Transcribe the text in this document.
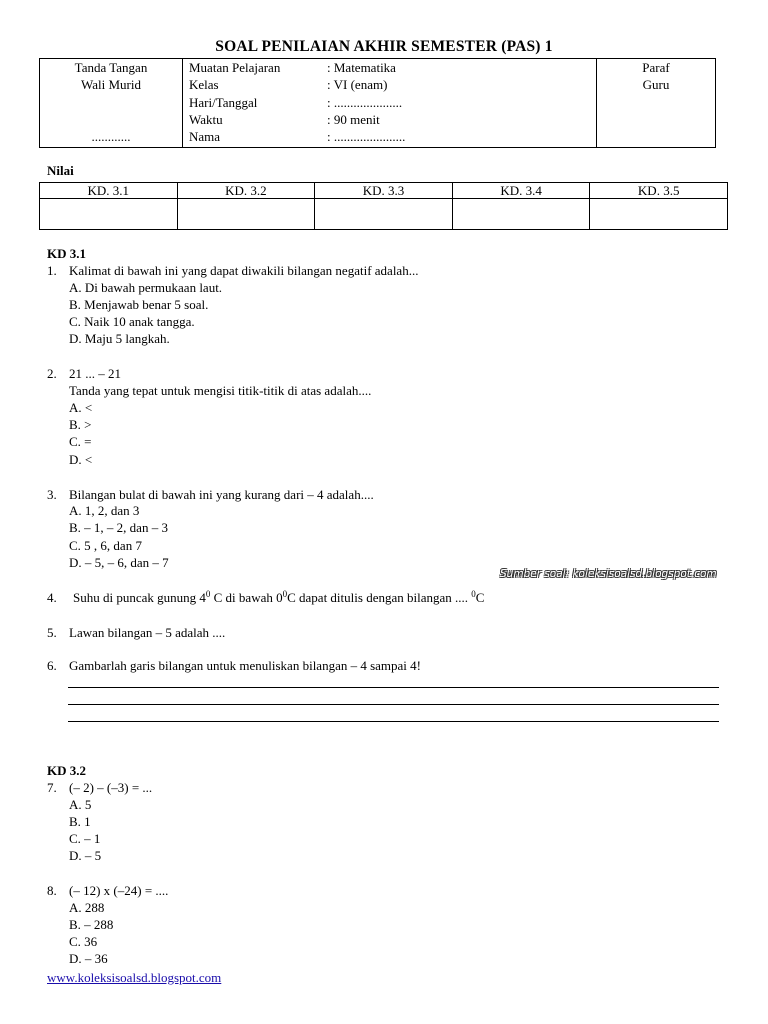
SOAL PENILAIAN AKHIR SEMESTER (PAS) 1
Tanda Tangan
Wali Murid
............
Muatan Pelajaran	: Matematika
Kelas	: VI (enam)
Hari/Tanggal	: .....................
Waktu	: 90 menit
Nama	: ......................
Paraf
Guru
Nilai
KD. 3.1	KD. 3.2	KD. 3.3	KD. 3.4	KD. 3.5

KD 3.1
1. Kalimat di bawah ini yang dapat diwakili bilangan negatif adalah...
A. Di bawah permukaan laut.
B. Menjawab benar 5 soal.
C. Naik 10 anak tangga.
D. Maju 5 langkah.
2. 21 ... – 21
Tanda yang tepat untuk mengisi titik-titik di atas adalah....
A. <
B. >
C. =
D. <
3. Bilangan bulat di bawah ini yang kurang dari – 4 adalah....
A. 1, 2, dan 3
B. – 1, – 2, dan – 3
C. 5 , 6, dan 7
D. – 5, – 6, dan – 7
Sumber soal: koleksisoalsd.blogspot.com
4. Suhu di puncak gunung $4^0$ C di bawah $0^0C$ dapat ditulis dengan bilangan .... $^0$C
5. Lawan bilangan – 5 adalah ....
6. Gambarlah garis bilangan untuk menuliskan bilangan – 4 sampai 4!
KD 3.2
7. (– 2) – (–3) = ...
A. 5
B. 1
C. – 1
D. – 5
8. (– 12) x (–24) = ....
A. 288
B. – 288
C. 36
D. – 36
www.koleksisoalsd.blogspot.com
